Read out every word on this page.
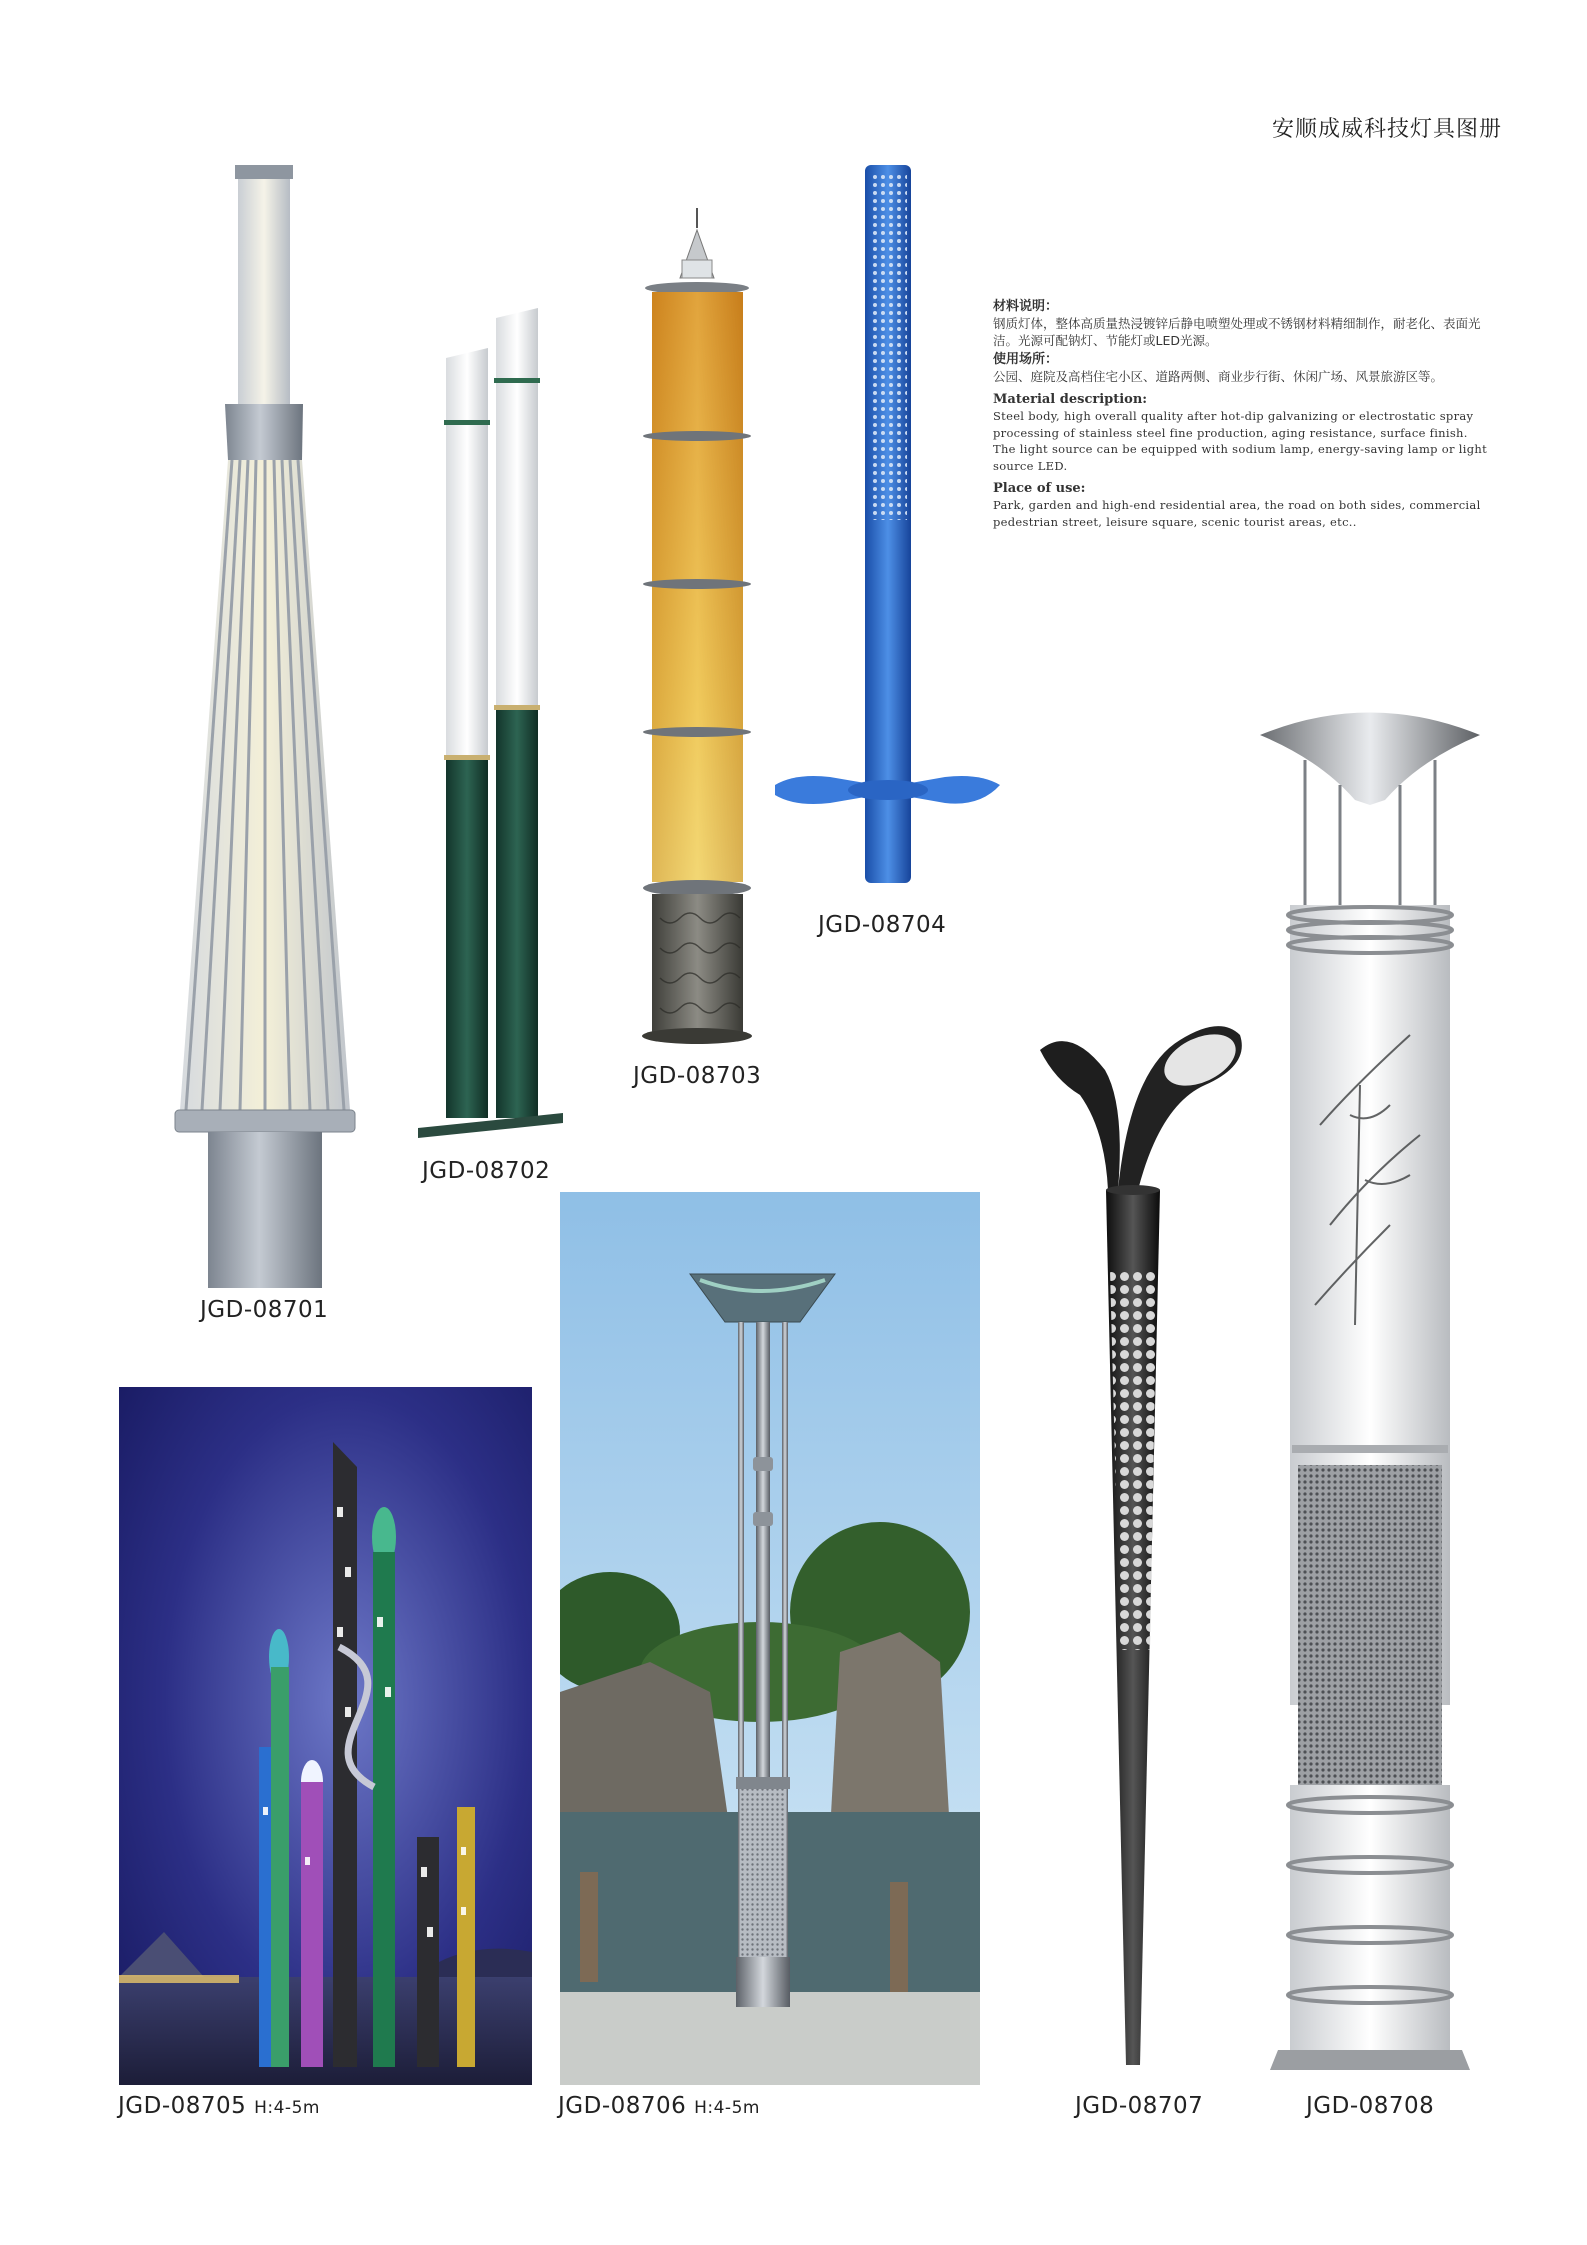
安顺成威科技灯具图册
JGD-08701
JGD-08702
JGD-08703
JGD-08704
材料说明：
钢质灯体，整体高质量热浸镀锌后静电喷塑处理或不锈钢材料精细制作，耐老化、表面光洁。光源可配钠灯、节能灯或LED光源。
使用场所：
公园、庭院及高档住宅小区、道路两侧、商业步行街、休闲广场、风景旅游区等。
Material description:
Steel body, high overall quality after hot-dip galvanizing or electrostatic spray processing of stainless steel fine production, aging resistance, surface finish. The light source can be equipped with sodium lamp, energy-saving lamp or light source LED.
Place of use:
Park, garden and high-end residential area, the road on both sides, commercial pedestrian street, leisure square, scenic tourist areas, etc..
JGD-08705 H:4-5m	JGD-08706 H:4-5m	JGD-08707	JGD-08708
